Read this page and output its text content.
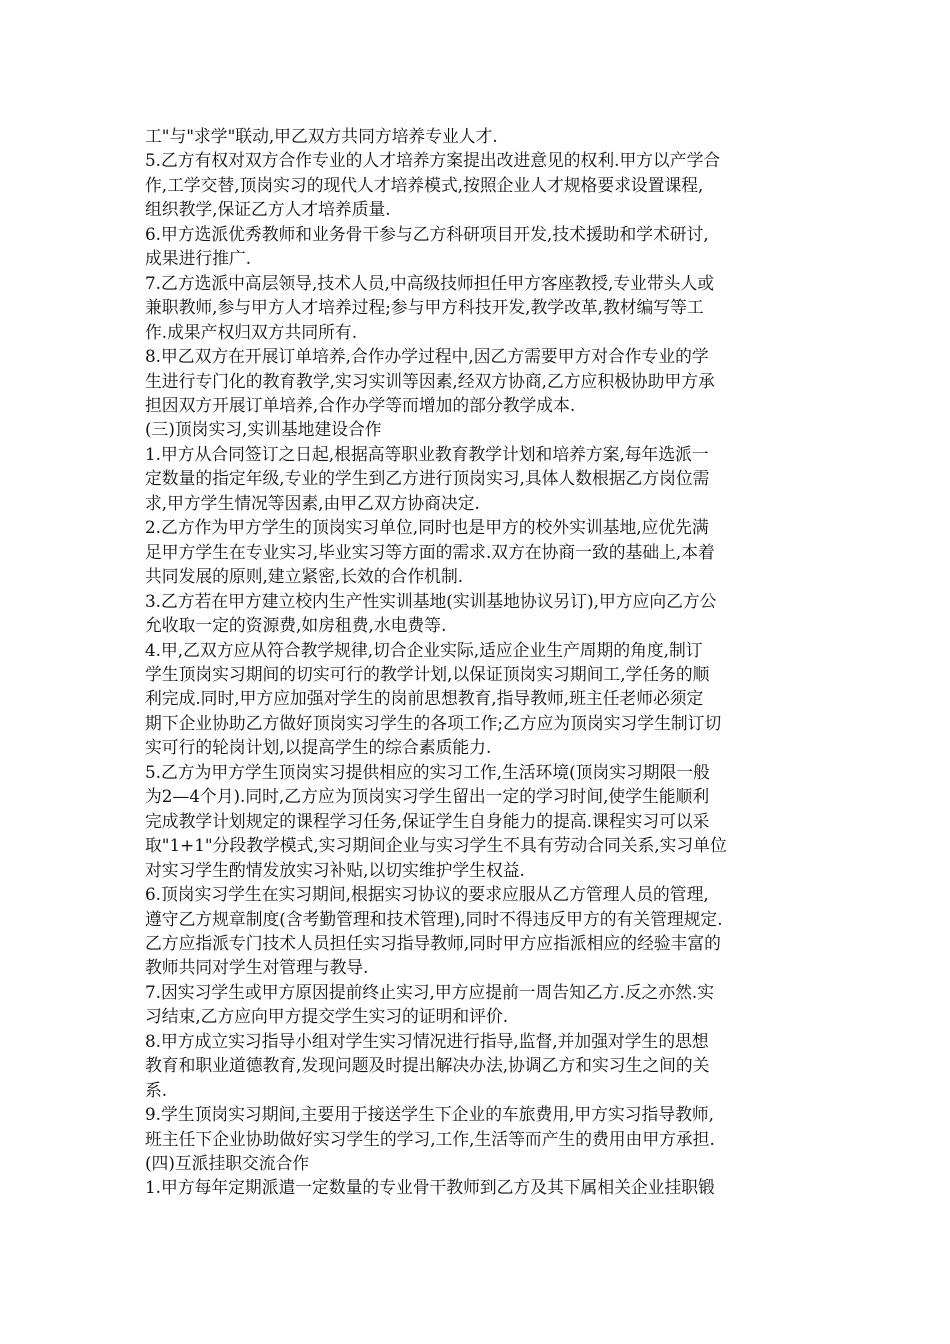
工"与"求学"联动,甲乙双方共同方培养专业人才.

5.乙方有权对双方合作专业的人才培养方案提出改进意见的权利.甲方以产学合

作,工学交替,顶岗实习的现代人才培养模式,按照企业人才规格要求设置课程,

组织教学,保证乙方人才培养质量.

6.甲方选派优秀教师和业务骨干参与乙方科研项目开发,技术援助和学术研讨,

成果进行推广.

7.乙方选派中高层领导,技术人员,中高级技师担任甲方客座教授,专业带头人或

兼职教师,参与甲方人才培养过程;参与甲方科技开发,教学改革,教材编写等工

作.成果产权归双方共同所有.

8.甲乙双方在开展订单培养,合作办学过程中,因乙方需要甲方对合作专业的学

生进行专门化的教育教学,实习实训等因素,经双方协商,乙方应积极协助甲方承

担因双方开展订单培养,合作办学等而增加的部分教学成本.

(三)顶岗实习,实训基地建设合作

1.甲方从合同签订之日起,根据高等职业教育教学计划和培养方案,每年选派一

定数量的指定年级,专业的学生到乙方进行顶岗实习,具体人数根据乙方岗位需

求,甲方学生情况等因素,由甲乙双方协商决定.

2.乙方作为甲方学生的顶岗实习单位,同时也是甲方的校外实训基地,应优先满

足甲方学生在专业实习,毕业实习等方面的需求.双方在协商一致的基础上,本着

共同发展的原则,建立紧密,长效的合作机制.

3.乙方若在甲方建立校内生产性实训基地(实训基地协议另订),甲方应向乙方公

允收取一定的资源费,如房租费,水电费等.

4.甲,乙双方应从符合教学规律,切合企业实际,适应企业生产周期的角度,制订

学生顶岗实习期间的切实可行的教学计划,以保证顶岗实习期间工,学任务的顺

利完成.同时,甲方应加强对学生的岗前思想教育,指导教师,班主任老师必须定

期下企业协助乙方做好顶岗实习学生的各项工作;乙方应为顶岗实习学生制订切

实可行的轮岗计划,以提高学生的综合素质能力.

5.乙方为甲方学生顶岗实习提供相应的实习工作,生活环境(顶岗实习期限一般

为2—4个月).同时,乙方应为顶岗实习学生留出一定的学习时间,使学生能顺利

完成教学计划规定的课程学习任务,保证学生自身能力的提高.课程实习可以采

取"1+1"分段教学模式,实习期间企业与实习学生不具有劳动合同关系,实习单位

对实习学生酌情发放实习补贴,以切实维护学生权益.

6.顶岗实习学生在实习期间,根据实习协议的要求应服从乙方管理人员的管理,

遵守乙方规章制度(含考勤管理和技术管理),同时不得违反甲方的有关管理规定.

乙方应指派专门技术人员担任实习指导教师,同时甲方应指派相应的经验丰富的

教师共同对学生对管理与教导.

7.因实习学生或甲方原因提前终止实习,甲方应提前一周告知乙方.反之亦然.实

习结束,乙方应向甲方提交学生实习的证明和评价.

8.甲方成立实习指导小组对学生实习情况进行指导,监督,并加强对学生的思想

教育和职业道德教育,发现问题及时提出解决办法,协调乙方和实习生之间的关

系.

9.学生顶岗实习期间,主要用于接送学生下企业的车旅费用,甲方实习指导教师,

班主任下企业协助做好实习学生的学习,工作,生活等而产生的费用由甲方承担.

(四)互派挂职交流合作

1.甲方每年定期派遣一定数量的专业骨干教师到乙方及其下属相关企业挂职锻
